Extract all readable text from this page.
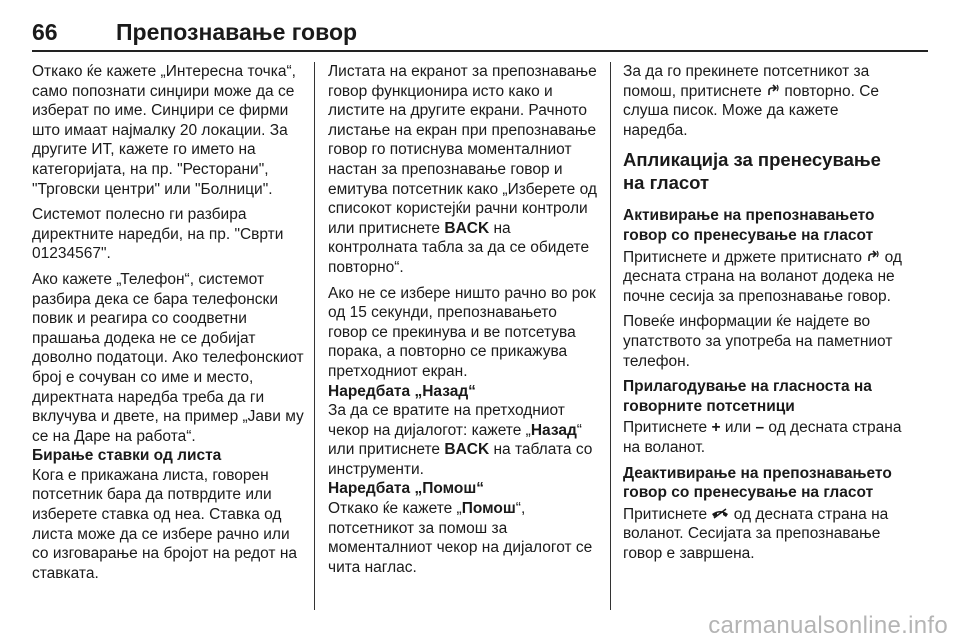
66	Препознавање говор

Откако ќе кажете „Интересна точка“, само попознати синџири може да се изберат по име. Синџири се фирми што имаат најмалку 20 локации. За другите ИТ, кажете го името на категоријата, на пр. "Ресторани", "Трговски центри" или "Болници".

Системот полесно ги разбира директните наредби, на пр. "Сврти 01234567".

Ако кажете „Телефон“, системот разбира дека се бара телефонски повик и реагира со соодветни прашања додека не се добијат доволно податоци. Ако телефонскиот број е сочуван со име и место, директната наредба треба да ги вклучува и двете, на пример „Јави му се на Даре на работа“.

Бирање ставки од листа

Кога е прикажана листа, говорен потсетник бара да потврдите или изберете ставка од неа. Ставка од листа може да се избере рачно или со изговарање на бројот на редот на ставката.

Листата на екранот за препознавање говор функционира исто како и листите на другите екрани. Рачното листање на екран при препознавање говор го потиснува моменталниот настан за препознавање говор и емитува потсетник како „Изберете од списокот користејќи рачни контроли или притиснете BACK на контролната табла за да се обидете повторно“.

Ако не се избере ништо рачно во рок од 15 секунди, препознавањето говор се прекинува и ве потсетува порака, а повторно се прикажува претходниот екран.

Наредбата „Назад“

За да се вратите на претходниот чекор на дијалогот: кажете „Назад“ или притиснете BACK на таблата со инструменти.

Наредбата „Помош“

Откако ќе кажете „Помош“, потсетникот за помош за моменталниот чекор на дијалогот се чита наглас.

За да го прекинете потсетникот за помош, притиснете  повторно. Се слуша писок. Може да кажете наредба.

Апликација за пренесување на гласот
Активирање на препознавањето говор со пренесување на гласот

Притиснете и држете притиснато  од десната страна на воланот додека не почне сесија за препознавање говор.

Повеќе информации ќе најдете во упатството за употреба на паметниот телефон.

Прилагодување на гласноста на говорните потсетници

Притиснете + или – од десната страна на воланот.

Деактивирање на препознавањето говор со пренесување на гласот

Притиснете  од десната страна на воланот. Сесијата за препознавање говор е завршена.

carmanualsonline.info
